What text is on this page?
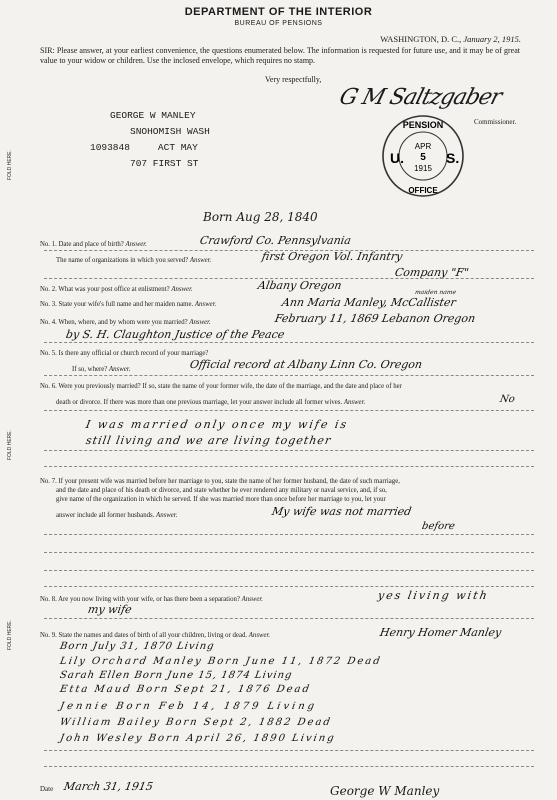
DEPARTMENT OF THE INTERIOR
BUREAU OF PENSIONS
WASHINGTON, D. C., January 2, 1915.
SIR: Please answer, at your earliest convenience, the questions enumerated below. The information is requested for future use, and it may be of great value to your widow or children. Use the inclosed envelope, which requires no stamp.
Very respectfully,
G M Saltzgaber
Commissioner.
GEORGE W MANLEY
SNOHOMISH WASH
1093848	ACT MAY
707 FIRST ST
PENSION
APR
5
1915
U.	S.
OFFICE
FOLD HERE.
FOLD HERE.
FOLD HERE.
Born Aug 28, 1840
No. 1. Date and place of birth? Answer.	Crawford Co. Pennsylvania
The name of organizations in which you served? Answer.	first Oregon Vol. Infantry
Company "F"
No. 2. What was your post office at enlistment? Answer.	Albany Oregon
No. 3. State your wife's full name and her maiden name. Answer.
maiden name
Ann Maria Manley, McCallister
No. 4. When, where, and by whom were you married? Answer.	February 11, 1869 Lebanon Oregon
by S. H. Claughton Justice of the Peace
No. 5. Is there any official or church record of your marriage?
If so, where? Answer.	Official record at Albany Linn Co. Oregon
No. 6. Were you previously married? If so, state the name of your former wife, the date of the marriage, and the date and place of her
death or divorce. If there was more than one previous marriage, let your answer include all former wives. Answer.	No
I was married only once my wife is
still living and we are living together
No. 7. If your present wife was married before her marriage to you, state the name of her former husband, the date of such marriage,
and the date and place of his death or divorce, and state whether he ever rendered any military or naval service, and, if so,
give name of the organization in which he served. If she was married more than once before her marriage to you, let your
answer include all former husbands. Answer.	My wife was not married
before
No. 8. Are you now living with your wife, or has there been a separation? Answer.	yes living with
my wife
No. 9. State the names and dates of birth of all your children, living or dead. Answer.	Henry Homer Manley
Born July 31, 1870 Living
Lily Orchard Manley Born June 11, 1872 Dead
Sarah Ellen Born June 15, 1874 Living
Etta Maud Born Sept 21, 1876 Dead
Jennie Born Feb 14, 1879 Living
William Bailey Born Sept 2, 1882 Dead
John Wesley Born April 26, 1890 Living
Date March 31, 1915	George W Manley
